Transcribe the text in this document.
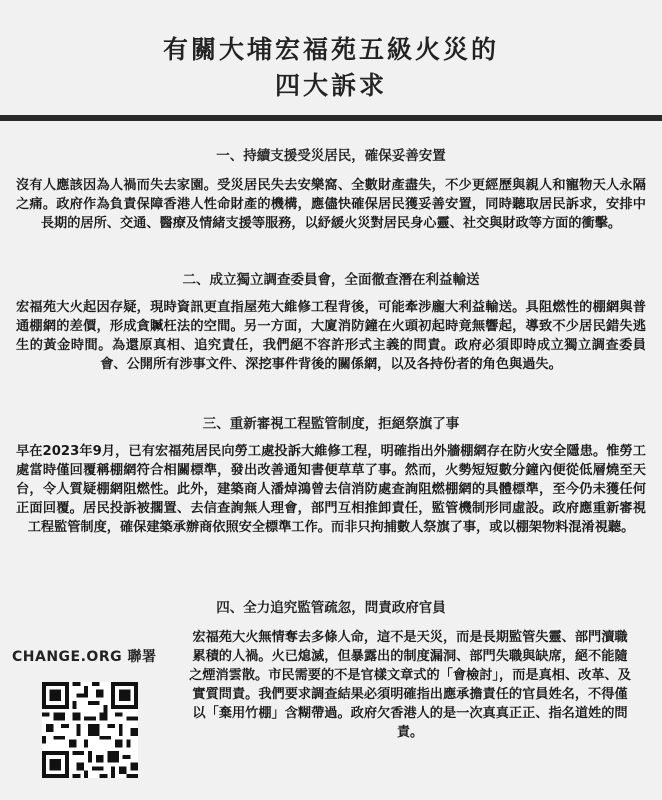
有關大埔宏福苑五級火災的
四大訴求
一、持續支援受災居民，確保妥善安置
沒有人應該因為人禍而失去家園。受災居民失去安樂窩、全數財產盡失，不少更經歷與親人和寵物天人永隔之痛。政府作為負責保障香港人性命財產的機構，應儘快確保居民獲妥善安置，同時聽取居民訴求，安排中長期的居所、交通、醫療及情緒支援等服務，以紓緩火災對居民身心靈、社交與財政等方面的衝擊。
二、成立獨立調查委員會，全面徹查潛在利益輸送
宏福苑大火起因存疑，現時資訊更直指屋苑大維修工程背後，可能牽涉龐大利益輸送。具阻燃性的棚網與普通棚網的差價，形成貪贓枉法的空間。另一方面，大廈消防鐘在火頭初起時竟無響起，導致不少居民錯失逃生的黃金時間。為還原真相、追究責任，我們絕不容許形式主義的問責。政府必須即時成立獨立調查委員會、公開所有涉事文件、深挖事件背後的關係網，以及各持份者的角色與過失。
三、重新審視工程監管制度，拒絕祭旗了事
早在2023年9月，已有宏福苑居民向勞工處投訴大維修工程，明確指出外牆棚網存在防火安全隱患。惟勞工處當時僅回覆稱棚網符合相關標準，發出改善通知書便草草了事。然而，火勢短短數分鐘內便從低層燒至天台，令人質疑棚網阻燃性。此外，建築商人潘焯鴻曾去信消防處查詢阻燃棚網的具體標準，至今仍未獲任何正面回覆。居民投訴被擱置、去信查詢無人理會，部門互相推卸責任，監管機制形同虛設。政府應重新審視工程監管制度，確保建築承辦商依照安全標準工作。而非只拘捕數人祭旗了事，或以棚架物料混淆視聽。
四、全力追究監管疏忽，問責政府官員
宏福苑大火無情奪去多條人命，這不是天災，而是長期監管失靈、部門瀆職累積的人禍。火已熄滅，但暴露出的制度漏洞、部門失職與缺席，絕不能隨之煙消雲散。市民需要的不是官樣文章式的「會檢討」，而是真相、改革、及實質問責。我們要求調查結果必須明確指出應承擔責任的官員姓名，不得僅以「棄用竹棚」含糊帶過。政府欠香港人的是一次真真正正、指名道姓的問責。
CHANGE.ORG 聯署
